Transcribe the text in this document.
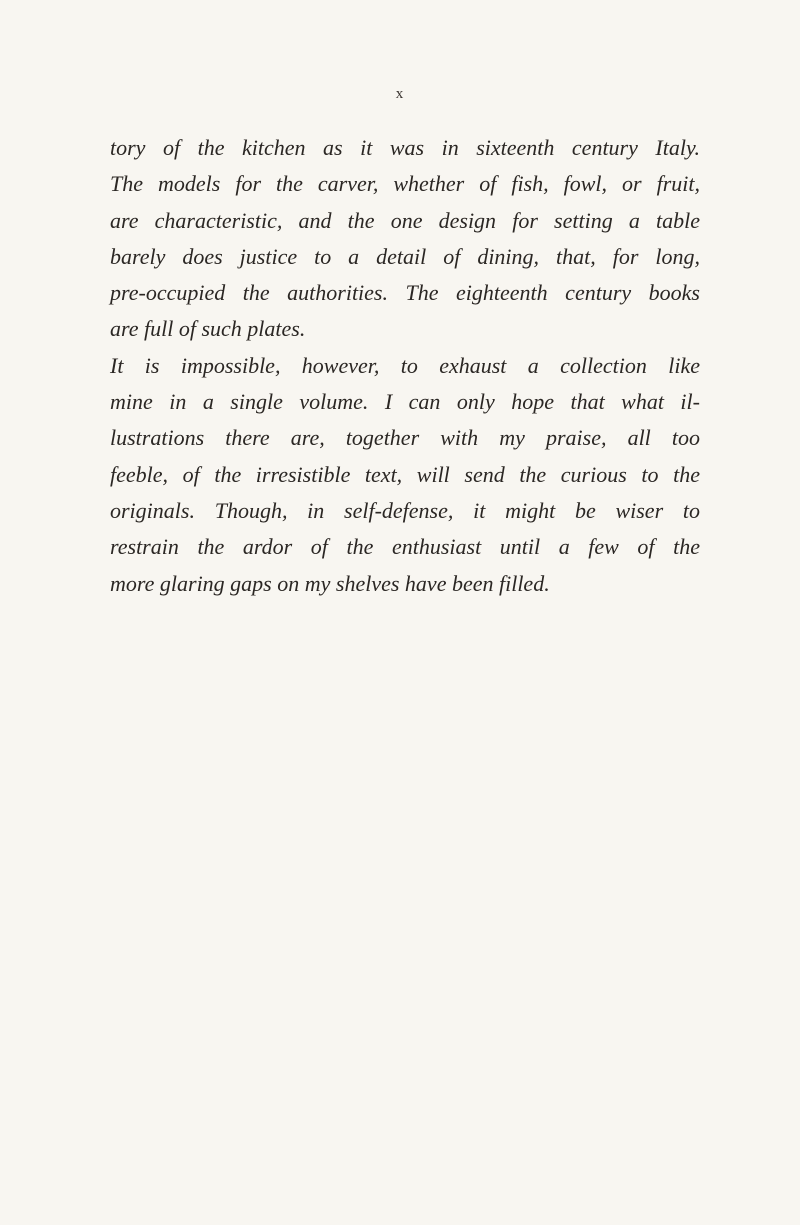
x
tory of the kitchen as it was in sixteenth century Italy.
The models for the carver, whether of fish, fowl, or fruit,
are characteristic, and the one design for setting a table
barely does justice to a detail of dining, that, for long,
pre-occupied the authorities. The eighteenth century books
are full of such plates.
It is impossible, however, to exhaust a collection like
mine in a single volume. I can only hope that what il-
lustrations there are, together with my praise, all too
feeble, of the irresistible text, will send the curious to the
originals. Though, in self-defense, it might be wiser to
restrain the ardor of the enthusiast until a few of the
more glaring gaps on my shelves have been filled.
